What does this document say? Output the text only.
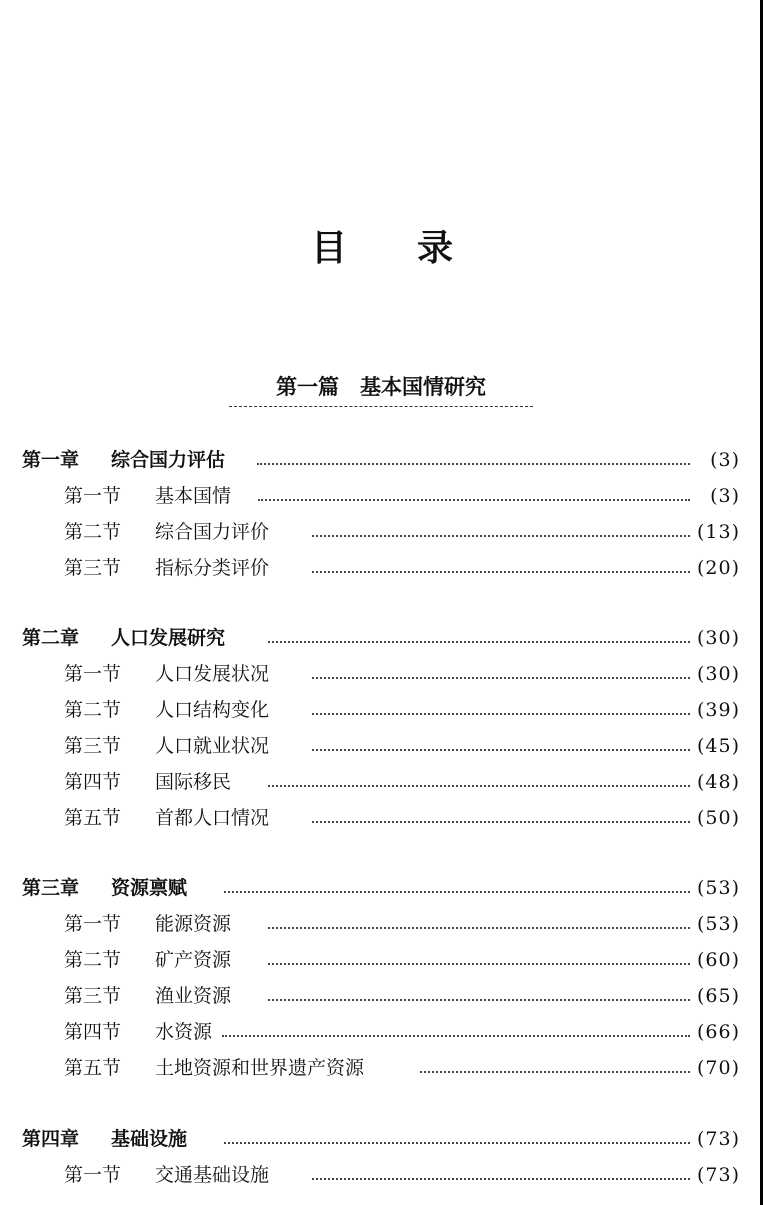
目录
第一篇　基本国情研究
第一章 综合国力评估	(3)
第一节 基本国情	(3)
第二节 综合国力评价	(13)
第三节 指标分类评价	(20)
第二章 人口发展研究	(30)
第一节 人口发展状况	(30)
第二节 人口结构变化	(39)
第三节 人口就业状况	(45)
第四节 国际移民	(48)
第五节 首都人口情况	(50)
第三章 资源禀赋	(53)
第一节 能源资源	(53)
第二节 矿产资源	(60)
第三节 渔业资源	(65)
第四节 水资源	(66)
第五节 土地资源和世界遗产资源	(70)
第四章 基础设施	(73)
第一节 交通基础设施	(73)
